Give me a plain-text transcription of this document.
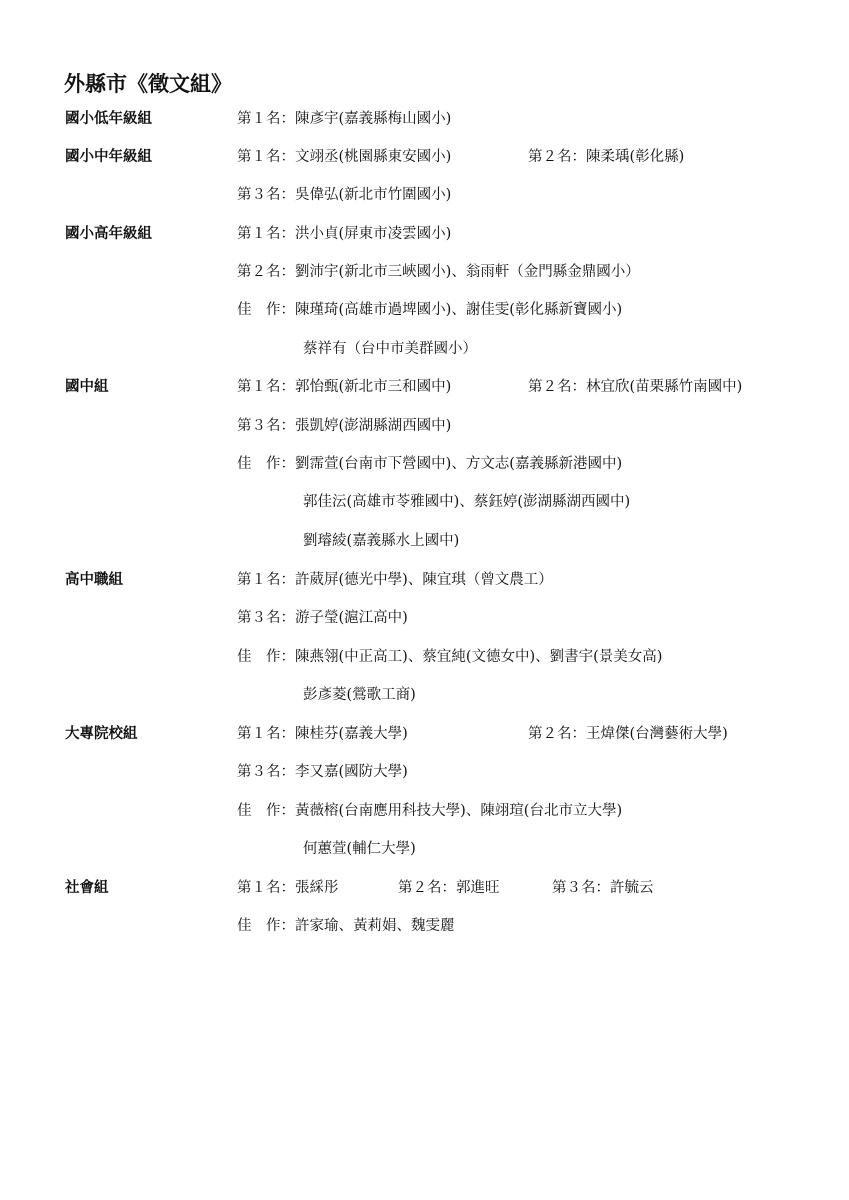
外縣市《徵文組》
國小低年級組	第１名：陳彥宇(嘉義縣梅山國小)
國小中年級組	第１名：文翊丞(桃園縣東安國小)	第２名：陳柔瑀(彰化縣)
第３名：吳偉弘(新北市竹圍國小)
國小高年級組	第１名：洪小貞(屏東市凌雲國小)
第２名：劉沛宇(新北市三峽國小)、翁雨軒（金門縣金鼎國小）
佳　作：陳瑾琦(高雄市過埤國小)、謝佳雯(彰化縣新寶國小)
蔡祥有（台中市美群國小）
國中組	第１名：郭怡甄(新北市三和國中)	第２名：林宜欣(苗栗縣竹南國中)
第３名：張凱婷(澎湖縣湖西國中)
佳　作：劉霈萱(台南市下營國中)、方文志(嘉義縣新港國中)
郭佳沄(高雄市苓雅國中)、蔡鈺婷(澎湖縣湖西國中)
劉璿綾(嘉義縣水上國中)
高中職組	第１名：許葳屏(德光中學)、陳宜琪（曾文農工）
第３名：游子瑩(滬江高中)
佳　作：陳燕翎(中正高工)、蔡宜純(文德女中)、劉書宇(景美女高)
彭彥菱(鶯歌工商)
大專院校組	第１名：陳桂芬(嘉義大學)	第２名：王煒傑(台灣藝術大學)
第３名：李又嘉(國防大學)
佳　作：黃薇榕(台南應用科技大學)、陳翊瑄(台北市立大學)
何蕙萱(輔仁大學)
社會組	第１名：張綵彤	第２名：郭進旺	第３名：許毓云
佳　作：許家瑜、黃莉娟、魏雯麗
